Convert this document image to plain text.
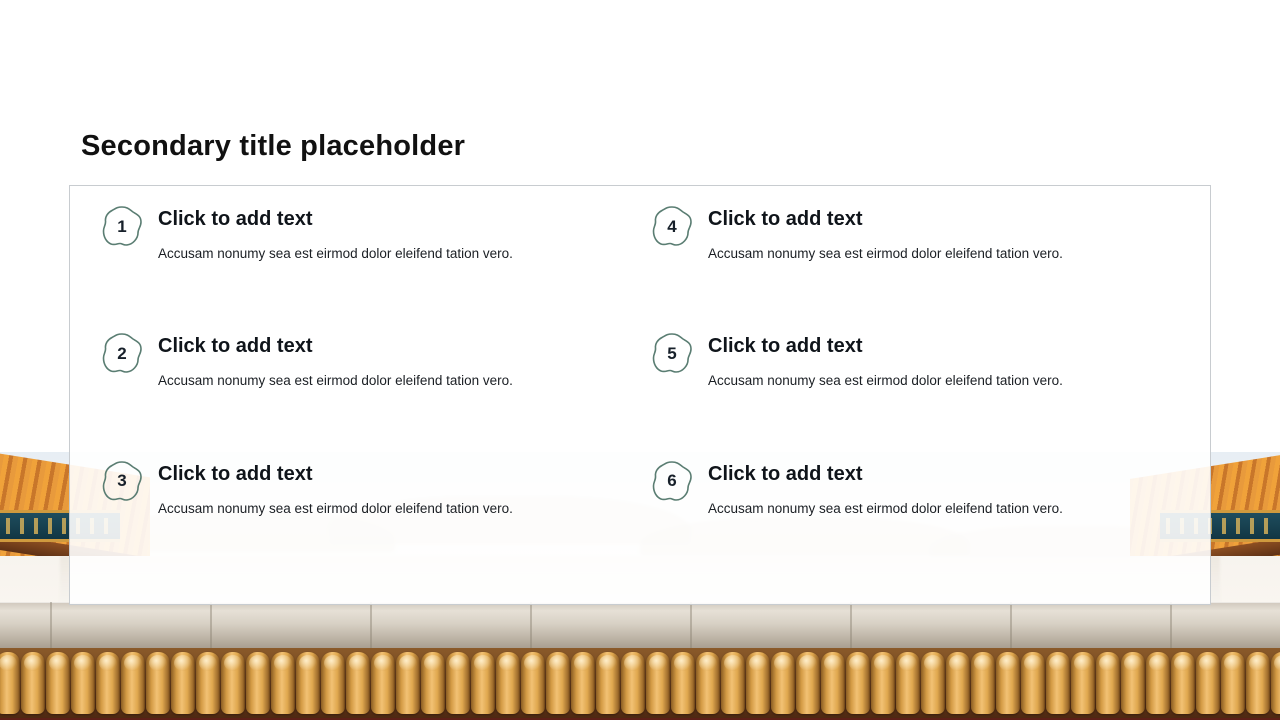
Secondary title placeholder
1 Click to add text
Accusam nonumy sea est eirmod dolor eleifend tation vero.
4 Click to add text
Accusam nonumy sea est eirmod dolor eleifend tation vero.
2 Click to add text
Accusam nonumy sea est eirmod dolor eleifend tation vero.
5 Click to add text
Accusam nonumy sea est eirmod dolor eleifend tation vero.
3 Click to add text
Accusam nonumy sea est eirmod dolor eleifend tation vero.
6 Click to add text
Accusam nonumy sea est eirmod dolor eleifend tation vero.
